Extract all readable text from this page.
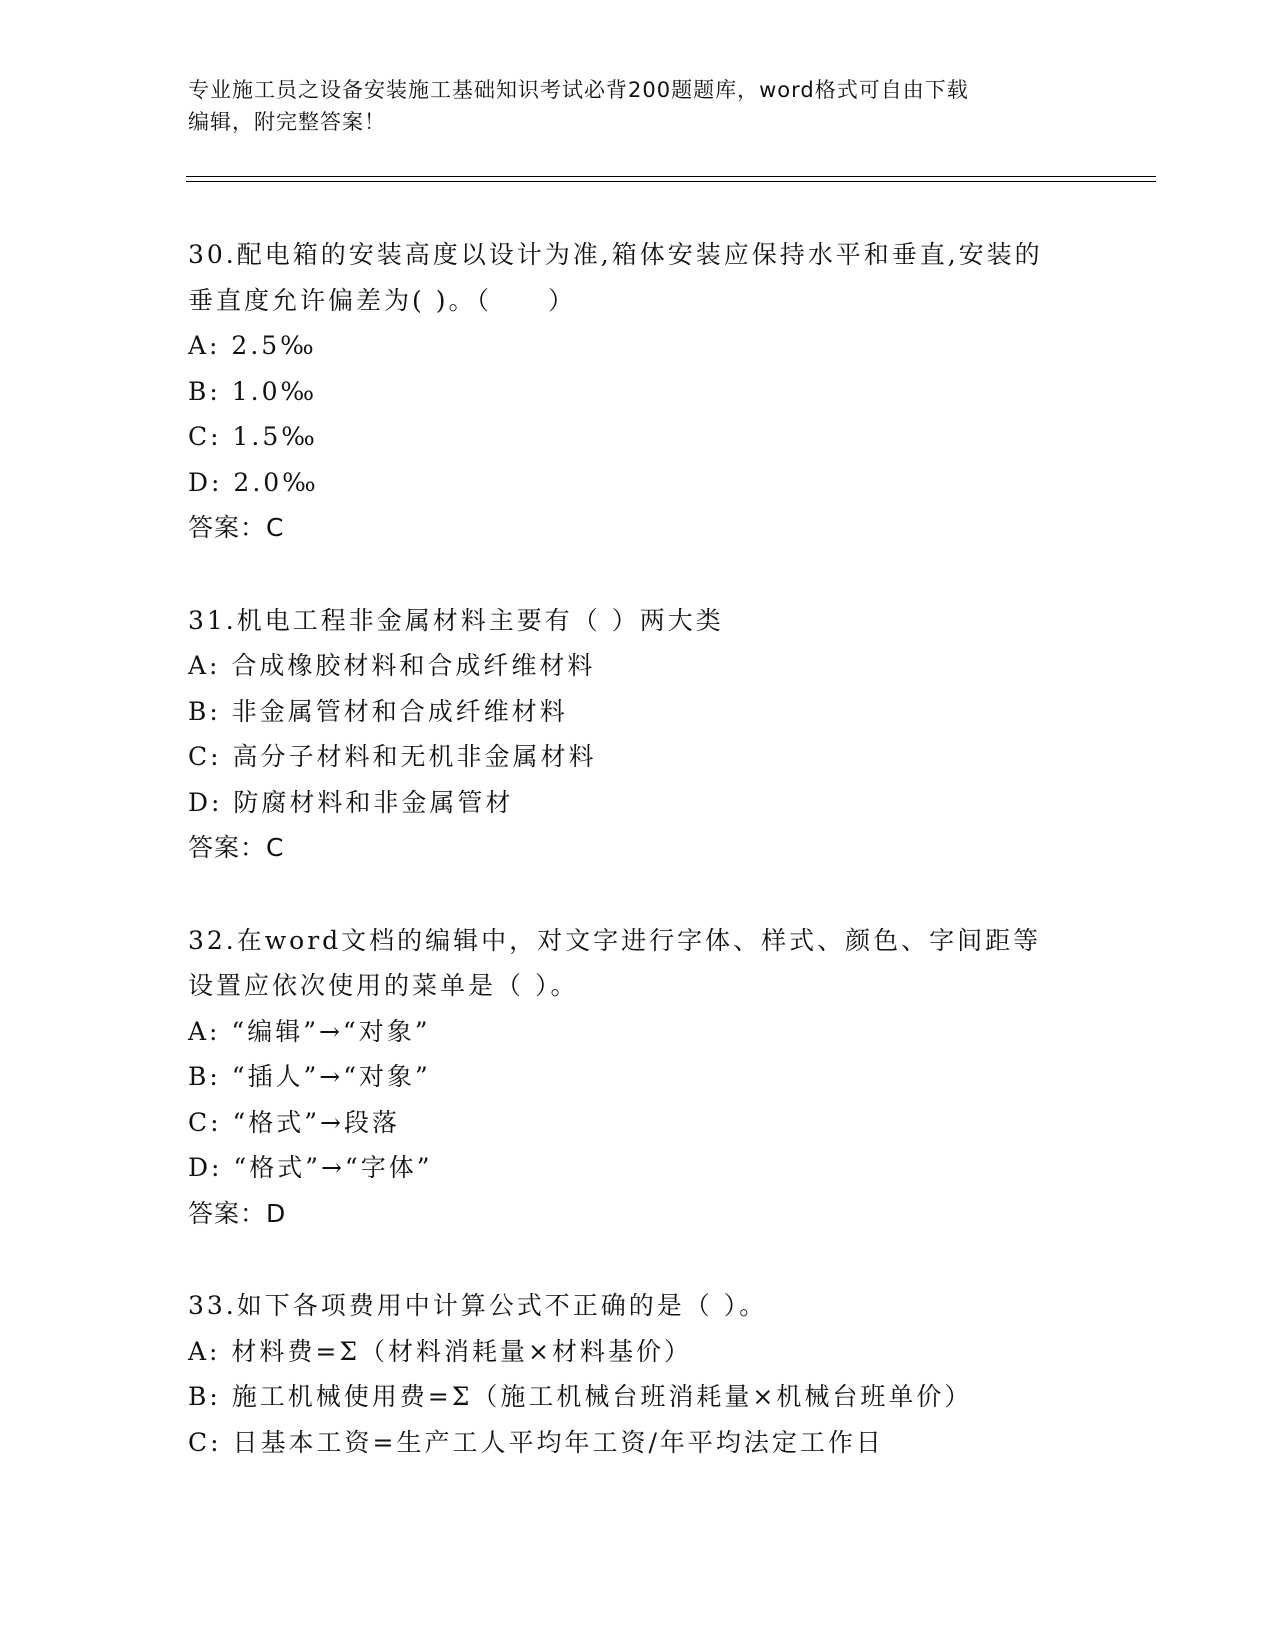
专业施工员之设备安装施工基础知识考试必背200题题库，word格式可自由下载
编辑，附完整答案！
30.配电箱的安装高度以设计为准,箱体安装应保持水平和垂直,安装的
垂直度允许偏差为( )。（　　）
A: 2.5‰
B: 1.0‰
C: 1.5‰
D: 2.0‰
答案：C
31.机电工程非金属材料主要有（ ）两大类
A: 合成橡胶材料和合成纤维材料
B: 非金属管材和合成纤维材料
C: 高分子材料和无机非金属材料
D: 防腐材料和非金属管材
答案：C
32.在word文档的编辑中，对文字进行字体、样式、颜色、字间距等
设置应依次使用的菜单是（ ）。
A: “编辑”→“对象”
B: “插人”→“对象”
C: “格式”→段落
D: “格式”→“字体”
答案：D
33.如下各项费用中计算公式不正确的是（ ）。
A: 材料费=Σ（材料消耗量×材料基价）
B: 施工机械使用费=Σ（施工机械台班消耗量×机械台班单价）
C: 日基本工资=生产工人平均年工资/年平均法定工作日
